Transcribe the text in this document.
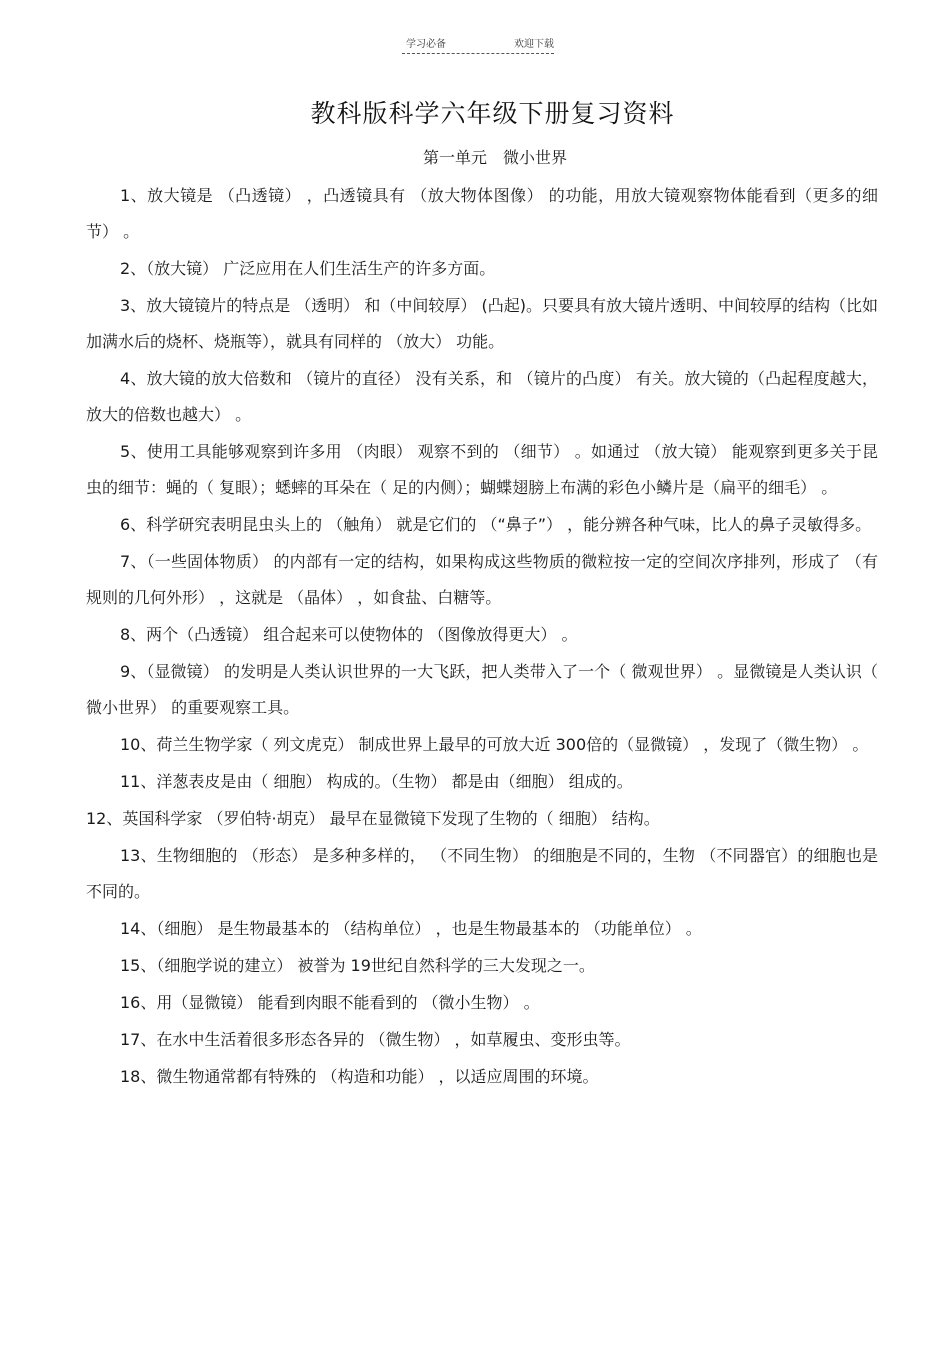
学习必备	欢迎下载
教科版科学六年级下册复习资料
第一单元　微小世界

1、放大镜是 （凸透镜） ，凸透镜具有 （放大物体图像） 的功能，用放大镜观察物体能看到（更多的细节） 。

2、（放大镜） 广泛应用在人们生活生产的许多方面。

3、放大镜镜片的特点是 （透明） 和（中间较厚） (凸起)。只要具有放大镜片透明、中间较厚的结构（比如加满水后的烧杯、烧瓶等），就具有同样的 （放大） 功能。

4、放大镜的放大倍数和 （镜片的直径） 没有关系，和 （镜片的凸度） 有关。放大镜的（凸起程度越大，放大的倍数也越大） 。

5、使用工具能够观察到许多用 （肉眼） 观察不到的 （细节） 。如通过 （放大镜） 能观察到更多关于昆虫的细节：蝇的（ 复眼）；蟋蟀的耳朵在（ 足的内侧）；蝴蝶翅膀上布满的彩色小鳞片是（扁平的细毛） 。

6、科学研究表明昆虫头上的 （触角） 就是它们的 （“鼻子”） ，能分辨各种气味，比人的鼻子灵敏得多。

7、（一些固体物质） 的内部有一定的结构，如果构成这些物质的微粒按一定的空间次序排列，形成了 （有规则的几何外形） ，这就是 （晶体） ，如食盐、白糖等。

8、两个（凸透镜） 组合起来可以使物体的 （图像放得更大） 。

9、（显微镜） 的发明是人类认识世界的一大飞跃，把人类带入了一个（ 微观世界） 。显微镜是人类认识（ 微小世界） 的重要观察工具。

10、荷兰生物学家（ 列文虎克） 制成世界上最早的可放大近 300倍的（显微镜） ，发现了（微生物） 。

11、洋葱表皮是由（ 细胞） 构成的。（生物） 都是由（细胞） 组成的。

12、英国科学家 （罗伯特·胡克） 最早在显微镜下发现了生物的（ 细胞） 结构。

13、生物细胞的 （形态） 是多种多样的， （不同生物） 的细胞是不同的，生物 （不同器官）的细胞也是不同的。

14、（细胞） 是生物最基本的 （结构单位） ，也是生物最基本的 （功能单位） 。

15、（细胞学说的建立） 被誉为 19世纪自然科学的三大发现之一。

16、用（显微镜） 能看到肉眼不能看到的 （微小生物） 。

17、在水中生活着很多形态各异的 （微生物） ，如草履虫、变形虫等。

18、微生物通常都有特殊的 （构造和功能） ，以适应周围的环境。
